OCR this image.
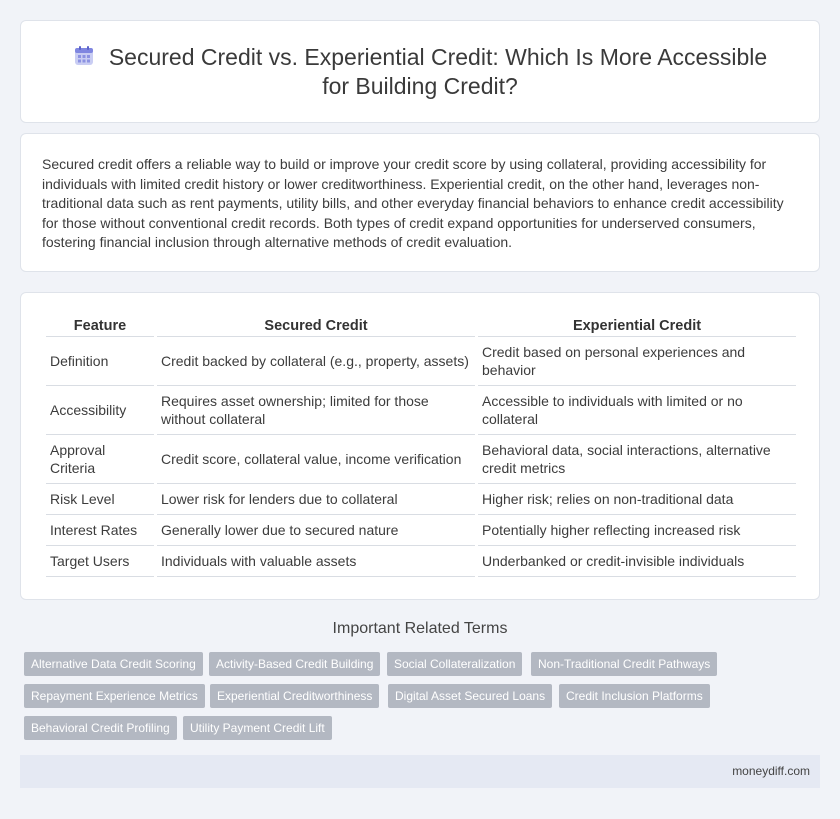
Secured Credit vs. Experiential Credit: Which Is More Accessible for Building Credit?

Secured credit offers a reliable way to build or improve your credit score by using collateral, providing accessibility for individuals with limited credit history or lower creditworthiness. Experiential credit, on the other hand, leverages non-traditional data such as rent payments, utility bills, and other everyday financial behaviors to enhance credit accessibility for those without conventional credit records. Both types of credit expand opportunities for underserved consumers, fostering financial inclusion through alternative methods of credit evaluation.

Feature	Secured Credit	Experiential Credit
Definition	Credit backed by collateral (e.g., property, assets)	Credit based on personal experiences and behavior
Accessibility	Requires asset ownership; limited for those without collateral	Accessible to individuals with limited or no collateral
Approval Criteria	Credit score, collateral value, income verification	Behavioral data, social interactions, alternative credit metrics
Risk Level	Lower risk for lenders due to collateral	Higher risk; relies on non-traditional data
Interest Rates	Generally lower due to secured nature	Potentially higher reflecting increased risk
Target Users	Individuals with valuable assets	Underbanked or credit-invisible individuals
Important Related Terms
Alternative Data Credit Scoring	Activity-Based Credit Building	Social Collateralization	Non-Traditional Credit Pathways
Repayment Experience Metrics	Experiential Creditworthiness	Digital Asset Secured Loans	Credit Inclusion Platforms
Behavioral Credit Profiling	Utility Payment Credit Lift
moneydiff.com
